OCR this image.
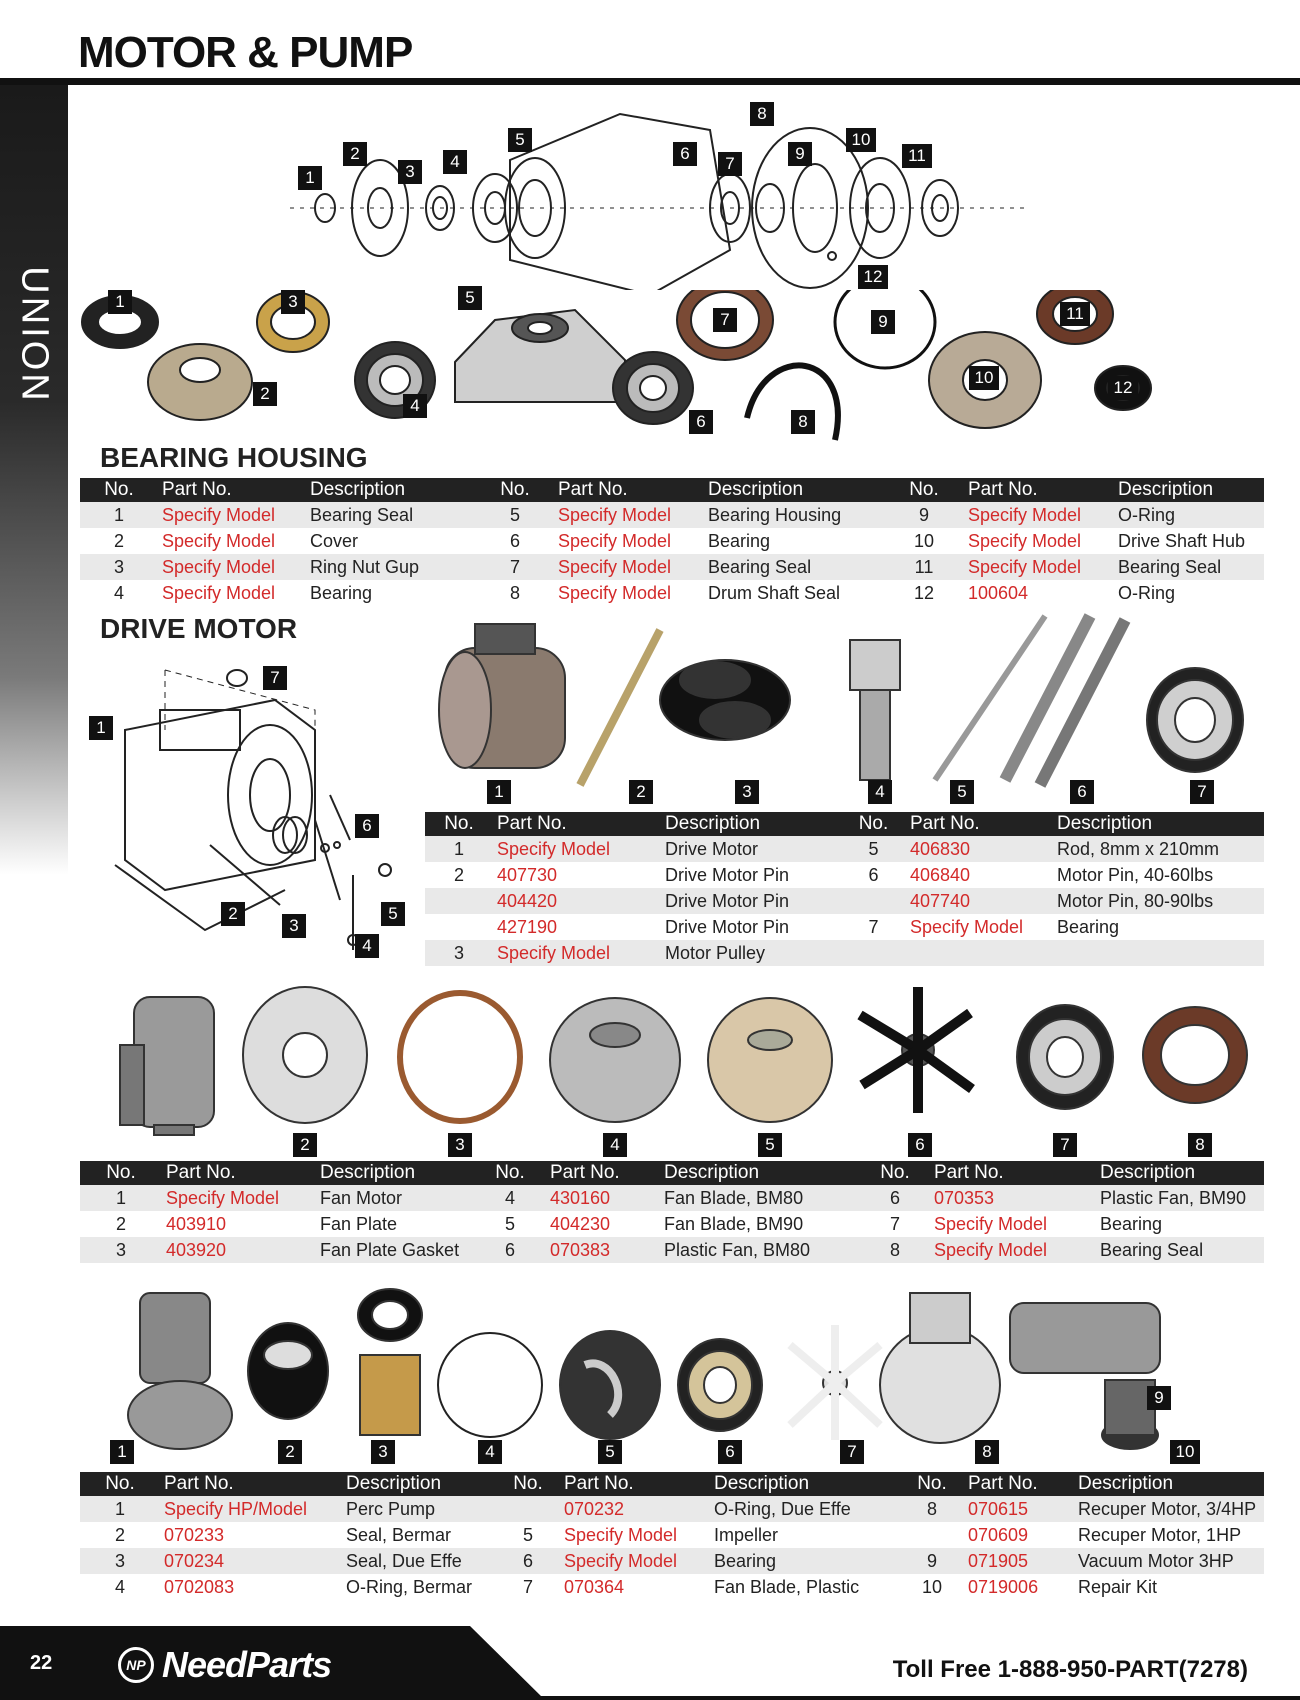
MOTOR & PUMP
UNION
1
2
3
4
5
6
7
8
9
10
11
12
1
2
3
4
5
6
7
8
9
10
11
12
BEARING HOUSING
No.	Part No.	Description	No.	Part No.	Description	No.	Part No.	Description
1	Specify Model	Bearing Seal	5	Specify Model	Bearing Housing	9	Specify Model	O-Ring
2	Specify Model	Cover	6	Specify Model	Bearing	10	Specify Model	Drive Shaft Hub
3	Specify Model	Ring Nut Gup	7	Specify Model	Bearing Seal	11	Specify Model	Bearing Seal
4	Specify Model	Bearing	8	Specify Model	Drum Shaft Seal	12	100604	O-Ring
DRIVE MOTOR
1
2
3
4
5
6
7
1	2	3	4	5	6	7
No.	Part No.	Description	No.	Part No.	Description
1	Specify Model	Drive Motor	5	406830	Rod, 8mm x 210mm
2	407730	Drive Motor Pin	6	406840	Motor Pin, 40-60lbs
	404420	Drive Motor Pin		407740	Motor Pin, 80-90lbs
	427190	Drive Motor Pin	7	Specify Model	Bearing
3	Specify Model	Motor Pulley			
2	3	4	5	6	7	8
No.	Part No.	Description	No.	Part No.	Description	No.	Part No.	Description
1	Specify Model	Fan Motor	4	430160	Fan Blade, BM80	6	070353	Plastic Fan, BM90
2	403910	Fan Plate	5	404230	Fan Blade, BM90	7	Specify Model	Bearing
3	403920	Fan Plate Gasket	6	070383	Plastic Fan, BM80	8	Specify Model	Bearing Seal
1	2	3	4	5	6	7	8
9
10
No.	Part No.	Description	No.	Part No.	Description	No.	Part No.	Description
1	Specify HP/Model	Perc Pump		070232	O-Ring, Due Effe	8	070615	Recuper Motor, 3/4HP
2	070233	Seal, Bermar	5	Specify Model	Impeller		070609	Recuper Motor, 1HP
3	070234	Seal, Due Effe	6	Specify Model	Bearing	9	071905	Vacuum Motor 3HP
4	0702083	O-Ring, Bermar	7	070364	Fan Blade, Plastic	10	0719006	Repair Kit
22	NP NeedParts	Toll Free 1-888-950-PART(7278)
